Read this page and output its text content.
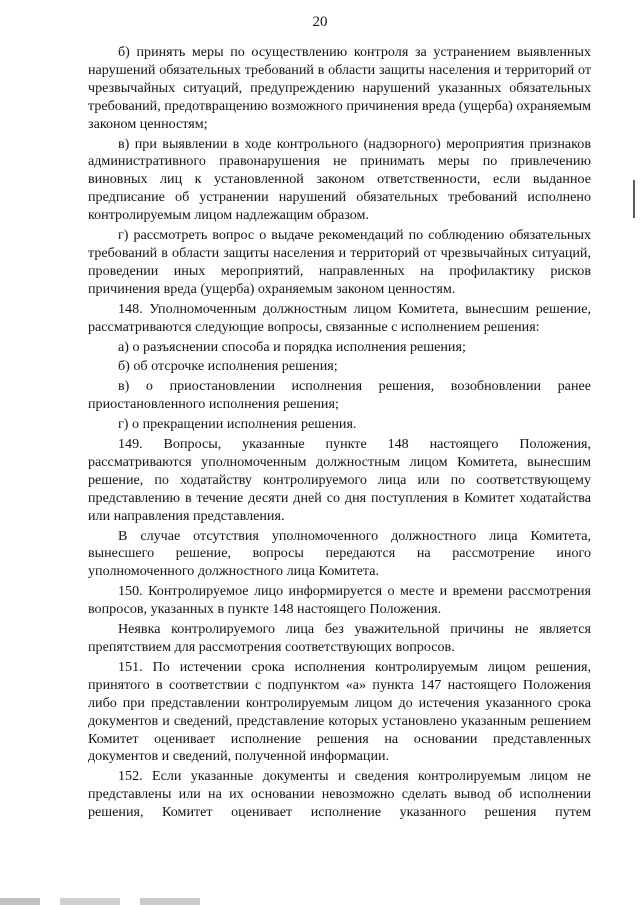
20

б) принять меры по осуществлению контроля за устранением выявленных нарушений обязательных требований в области защиты населения и территорий от чрезвычайных ситуаций, предупреждению нарушений указанных обязательных требований, предотвращению возможного причинения вреда (ущерба) охраняемым законом ценностям;

в) при выявлении в ходе контрольного (надзорного) мероприятия признаков административного правонарушения не принимать меры по привлечению виновных лиц к установленной законом ответственности, если выданное предписание об устранении нарушений обязательных требований исполнено контролируемым лицом надлежащим образом.

г) рассмотреть вопрос о выдаче рекомендаций по соблюдению обязательных требований в области защиты населения и территорий от чрезвычайных ситуаций, проведении иных мероприятий, направленных на профилактику рисков причинения вреда (ущерба) охраняемым законом ценностям.

148. Уполномоченным должностным лицом Комитета, вынесшим решение, рассматриваются следующие вопросы, связанные с исполнением решения:

а) о разъяснении способа и порядка исполнения решения;

б) об отсрочке исполнения решения;

в) о приостановлении исполнения решения, возобновлении ранее приостановленного исполнения решения;

г) о прекращении исполнения решения.

149. Вопросы, указанные пункте 148 настоящего Положения, рассматриваются уполномоченным должностным лицом Комитета, вынесшим решение, по ходатайству контролируемого лица или по соответствующему представлению в течение десяти дней со дня поступления в Комитет ходатайства или направления представления.

В случае отсутствия уполномоченного должностного лица Комитета, вынесшего решение, вопросы передаются на рассмотрение иного уполномоченного должностного лица Комитета.

150. Контролируемое лицо информируется о месте и времени рассмотрения вопросов, указанных в пункте 148 настоящего Положения.

Неявка контролируемого лица без уважительной причины не является препятствием для рассмотрения соответствующих вопросов.

151. По истечении срока исполнения контролируемым лицом решения, принятого в соответствии с подпунктом «а» пункта 147 настоящего Положения либо при представлении контролируемым лицом до истечения указанного срока документов и сведений, представление которых установлено указанным решением Комитет оценивает исполнение решения на основании представленных документов и сведений, полученной информации.

152. Если указанные документы и сведения контролируемым лицом не представлены или на их основании невозможно сделать вывод об исполнении решения, Комитет оценивает исполнение указанного решения путем
